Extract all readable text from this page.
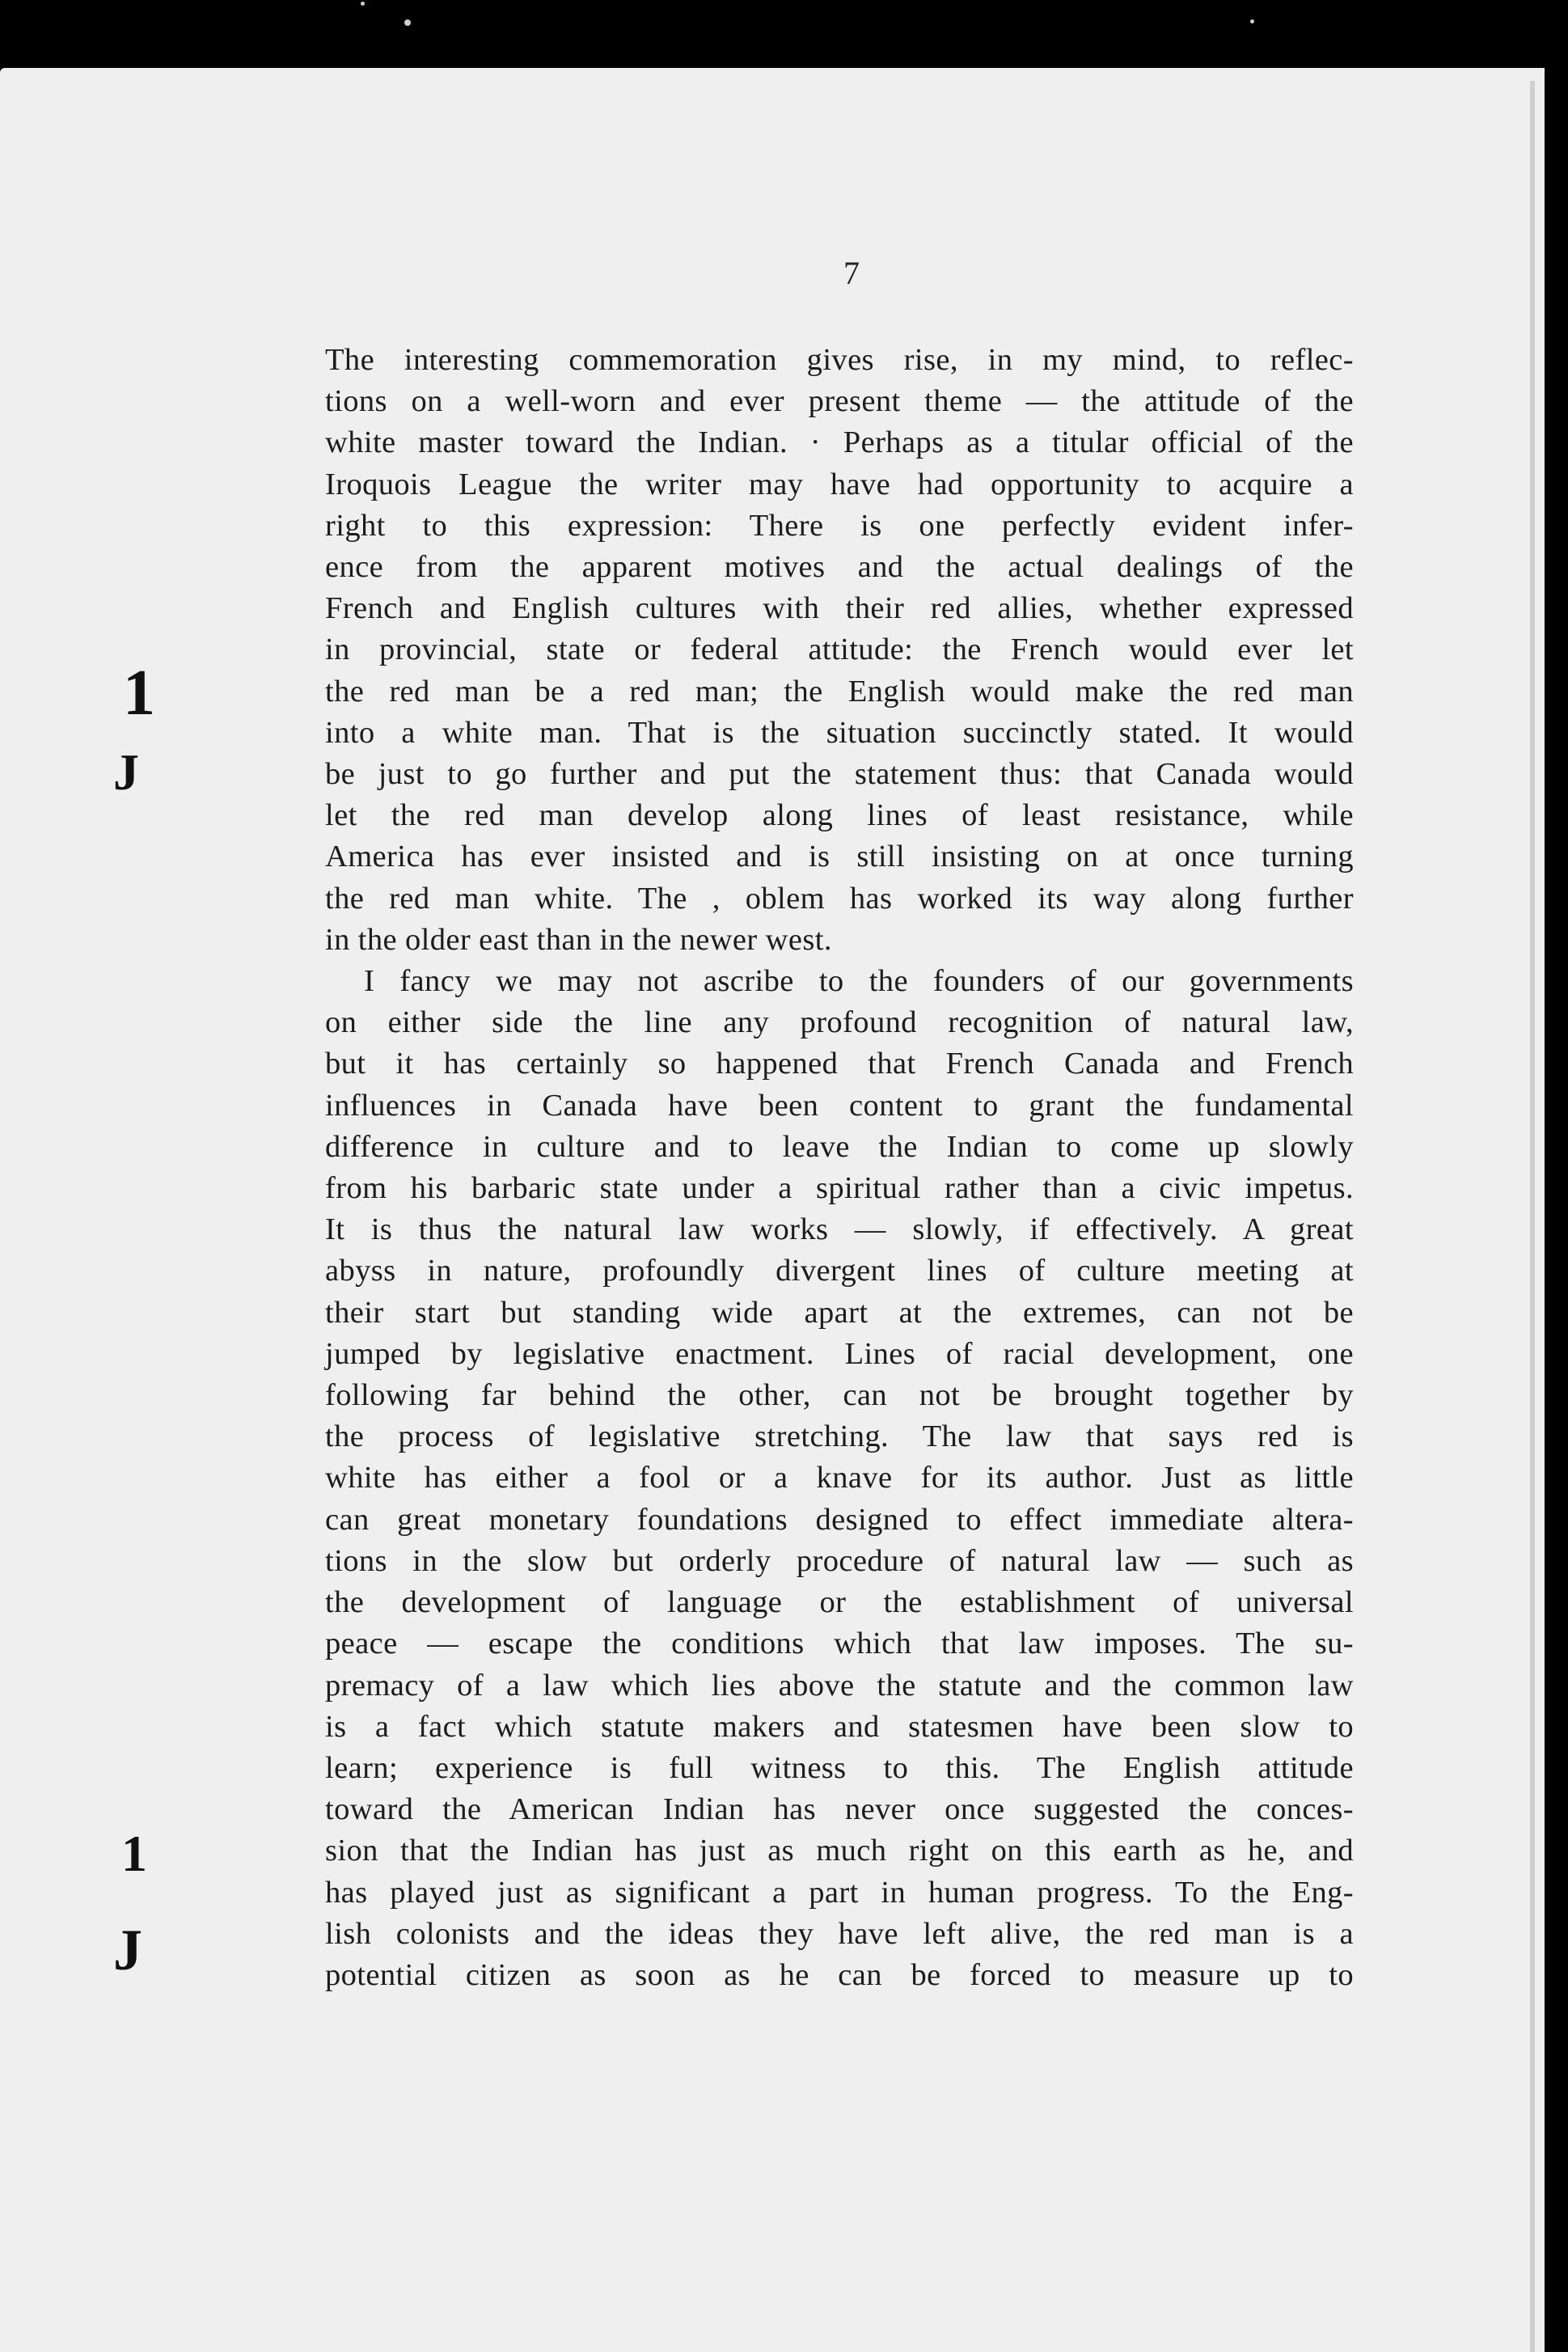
7
1
J
1
J

The interesting commemoration gives rise, in my mind, to reflec-

tions on a well-worn and ever present theme — the attitude of the

white master toward the Indian. · Perhaps as a titular official of the

Iroquois League the writer may have had opportunity to acquire a

right to this expression: There is one perfectly evident infer-

ence from the apparent motives and the actual dealings of the

French and English cultures with their red allies, whether expressed

in provincial, state or federal attitude: the French would ever let

the red man be a red man; the English would make the red man

into a white man. That is the situation succinctly stated. It would

be just to go further and put the statement thus: that Canada would

let the red man develop along lines of least resistance, while

America has ever insisted and is still insisting on at once turning

the red man white. The , oblem has worked its way along further

in the older east than in the newer west.

I fancy we may not ascribe to the founders of our governments

on either side the line any profound recognition of natural law,

but it has certainly so happened that French Canada and French

influences in Canada have been content to grant the fundamental

difference in culture and to leave the Indian to come up slowly

from his barbaric state under a spiritual rather than a civic impetus.

It is thus the natural law works — slowly, if effectively. A great

abyss in nature, profoundly divergent lines of culture meeting at

their start but standing wide apart at the extremes, can not be

jumped by legislative enactment. Lines of racial development, one

following far behind the other, can not be brought together by

the process of legislative stretching. The law that says red is

white has either a fool or a knave for its author. Just as little

can great monetary foundations designed to effect immediate altera-

tions in the slow but orderly procedure of natural law — such as

the development of language or the establishment of universal

peace — escape the conditions which that law imposes. The su-

premacy of a law which lies above the statute and the common law

is a fact which statute makers and statesmen have been slow to

learn; experience is full witness to this. The English attitude

toward the American Indian has never once suggested the conces-

sion that the Indian has just as much right on this earth as he, and

has played just as significant a part in human progress. To the Eng-

lish colonists and the ideas they have left alive, the red man is a

potential citizen as soon as he can be forced to measure up to
